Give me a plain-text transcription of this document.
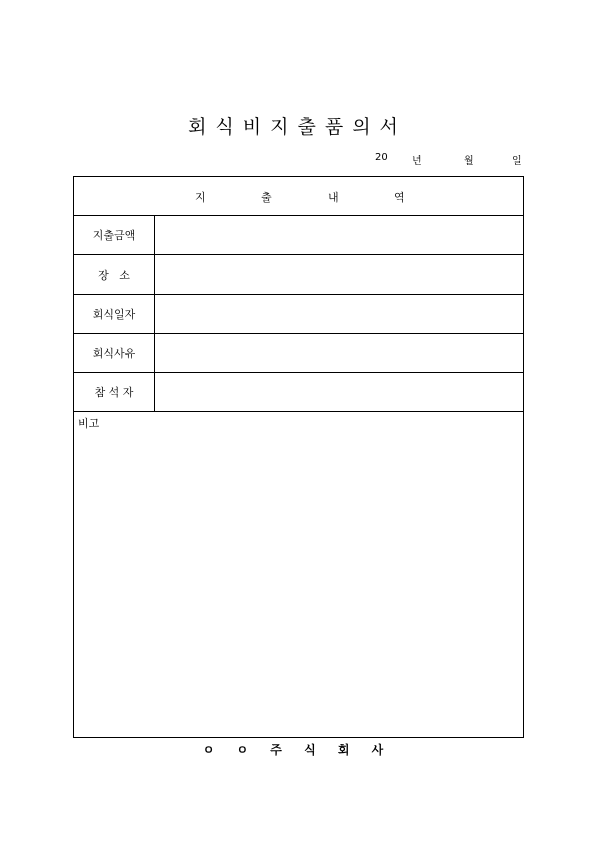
회식비지출품의서
20 년	월	일
지	출	내	역
지출금액
장   소
회식일자
회식사유
참 석 자
비고
ㅇ ㅇ 주 식 회 사
